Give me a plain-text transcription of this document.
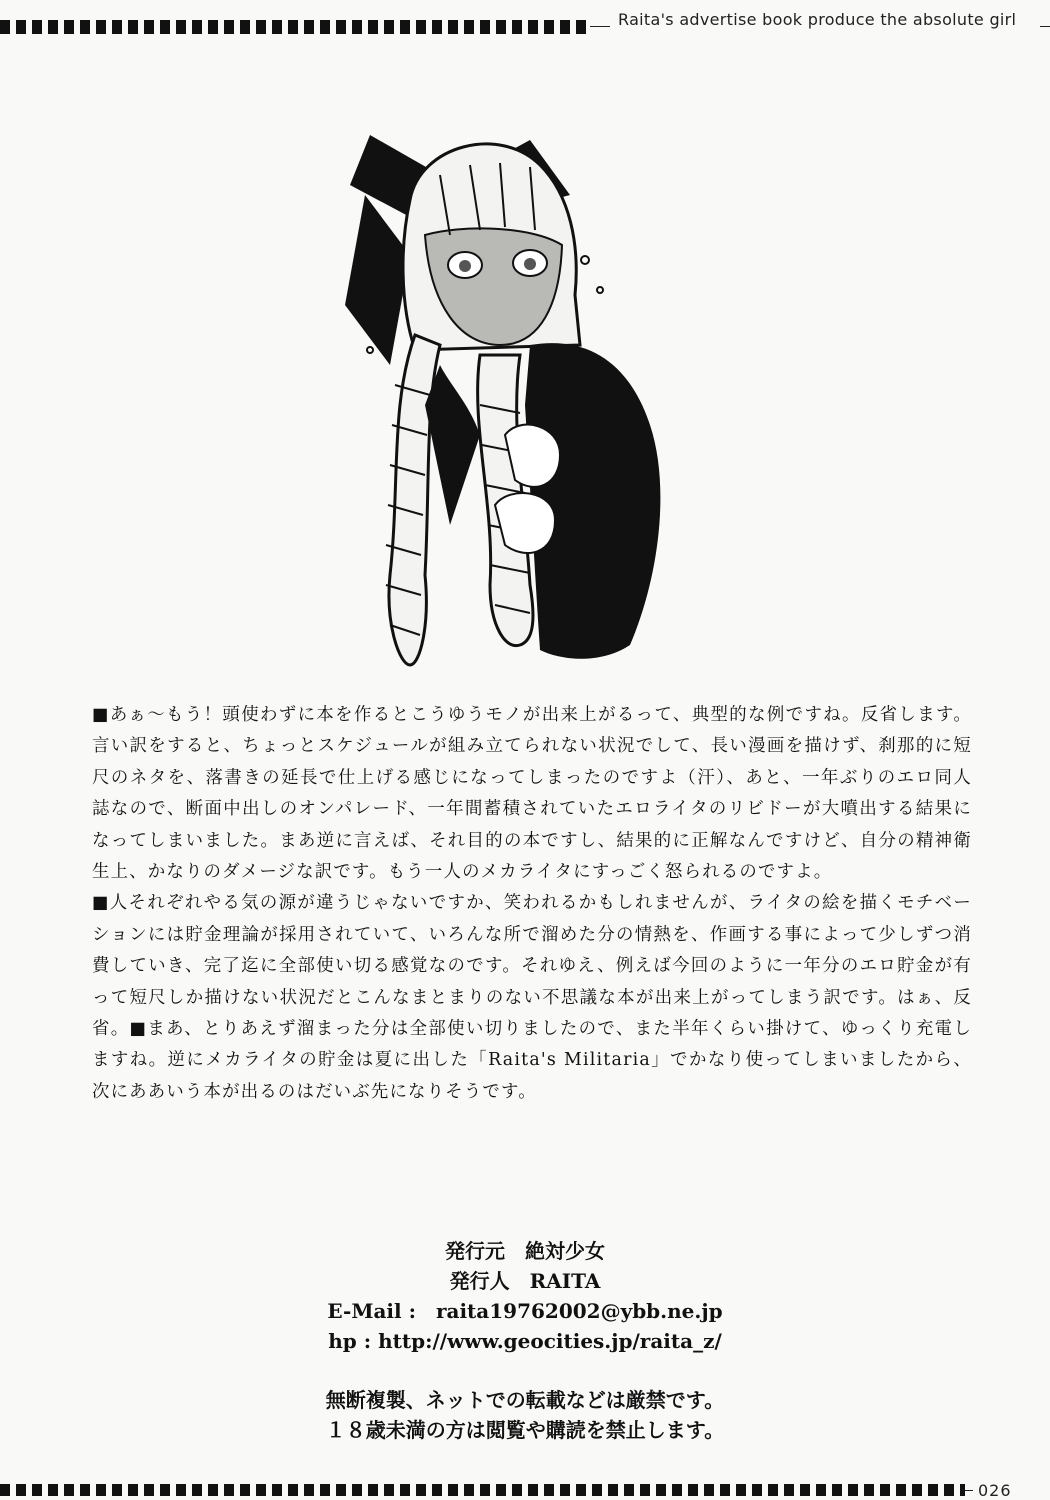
Raita's advertise book produce the absolute girl

■あぁ〜もう！頭使わずに本を作るとこうゆうモノが出来上がるって、典型的な例ですね。反省します。言い訳をすると、ちょっとスケジュールが組み立てられない状況でして、長い漫画を描けず、刹那的に短尺のネタを、落書きの延長で仕上げる感じになってしまったのですよ（汗）、あと、一年ぶりのエロ同人誌なので、断面中出しのオンパレード、一年間蓄積されていたエロライタのリビドーが大噴出する結果になってしまいました。まあ逆に言えば、それ目的の本ですし、結果的に正解なんですけど、自分の精神衛生上、かなりのダメージな訳です。もう一人のメカライタにすっごく怒られるのですよ。

■人それぞれやる気の源が違うじゃないですか、笑われるかもしれませんが、ライタの絵を描くモチベーションには貯金理論が採用されていて、いろんな所で溜めた分の情熱を、作画する事によって少しずつ消費していき、完了迄に全部使い切る感覚なのです。それゆえ、例えば今回のように一年分のエロ貯金が有って短尺しか描けない状況だとこんなまとまりのない不思議な本が出来上がってしまう訳です。はぁ、反省。■まあ、とりあえず溜まった分は全部使い切りましたので、また半年くらい掛けて、ゆっくり充電しますね。逆にメカライタの貯金は夏に出した「Raita's Militaria」でかなり使ってしまいましたから、次にああいう本が出るのはだいぶ先になりそうです。

発行元　絶対少女
発行人　RAITA
E-Mail :　raita19762002@ybb.ne.jp
hp : http://www.geocities.jp/raita_z/
無断複製、ネットでの転載などは厳禁です。
１８歳未満の方は閲覧や購読を禁止します。
026
